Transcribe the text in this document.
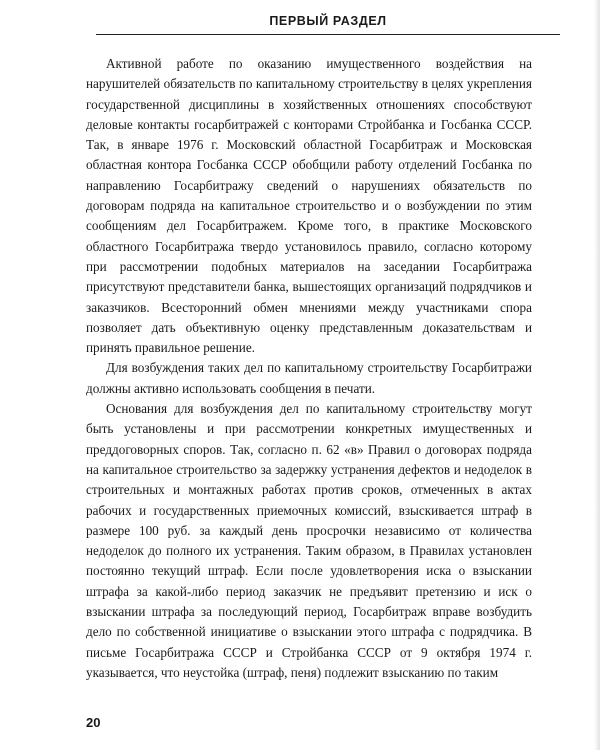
ПЕРВЫЙ РАЗДЕЛ

Активной работе по оказанию имущественного воздействия на нарушителей обязательств по капитальному строительству в целях укрепления государственной дисциплины в хозяйственных отношениях способствуют деловые контакты госарбитражей с конторами Стройбанка и Госбанка СССР. Так, в январе 1976 г. Московский областной Госарбитраж и Московская областная контора Госбанка СССР обобщили работу отделений Госбанка по направлению Госарбитражу сведений о нарушениях обязательств по договорам подряда на капитальное строительство и о возбуждении по этим сообщениям дел Госарбитражем. Кроме того, в практике Московского областного Госарбитража твердо установилось правило, согласно которому при рассмотрении подобных материалов на заседании Госарбитража присутствуют представители банка, вышестоящих организаций подрядчиков и заказчиков. Всесторонний обмен мнениями между участниками спора позволяет дать объективную оценку представленным доказательствам и принять правильное решение.

Для возбуждения таких дел по капитальному строительству Госарбитражи должны активно использовать сообщения в печати.

Основания для возбуждения дел по капитальному строительству могут быть установлены и при рассмотрении конкретных имущественных и преддоговорных споров. Так, согласно п. 62 «в» Правил о договорах подряда на капитальное строительство за задержку устранения дефектов и недоделок в строительных и монтажных работах против сроков, отмеченных в актах рабочих и государственных приемочных комиссий, взыскивается штраф в размере 100 руб. за каждый день просрочки независимо от количества недоделок до полного их устранения. Таким образом, в Правилах установлен постоянно текущий штраф. Если после удовлетворения иска о взыскании штрафа за какой-либо период заказчик не предъявит претензию и иск о взыскании штрафа за последующий период, Госарбитраж вправе возбудить дело по собственной инициативе о взыскании этого штрафа с подрядчика. В письме Госарбитража СССР и Стройбанка СССР от 9 октября 1974 г. указывается, что неустойка (штраф, пеня) подлежит взысканию по таким

20
